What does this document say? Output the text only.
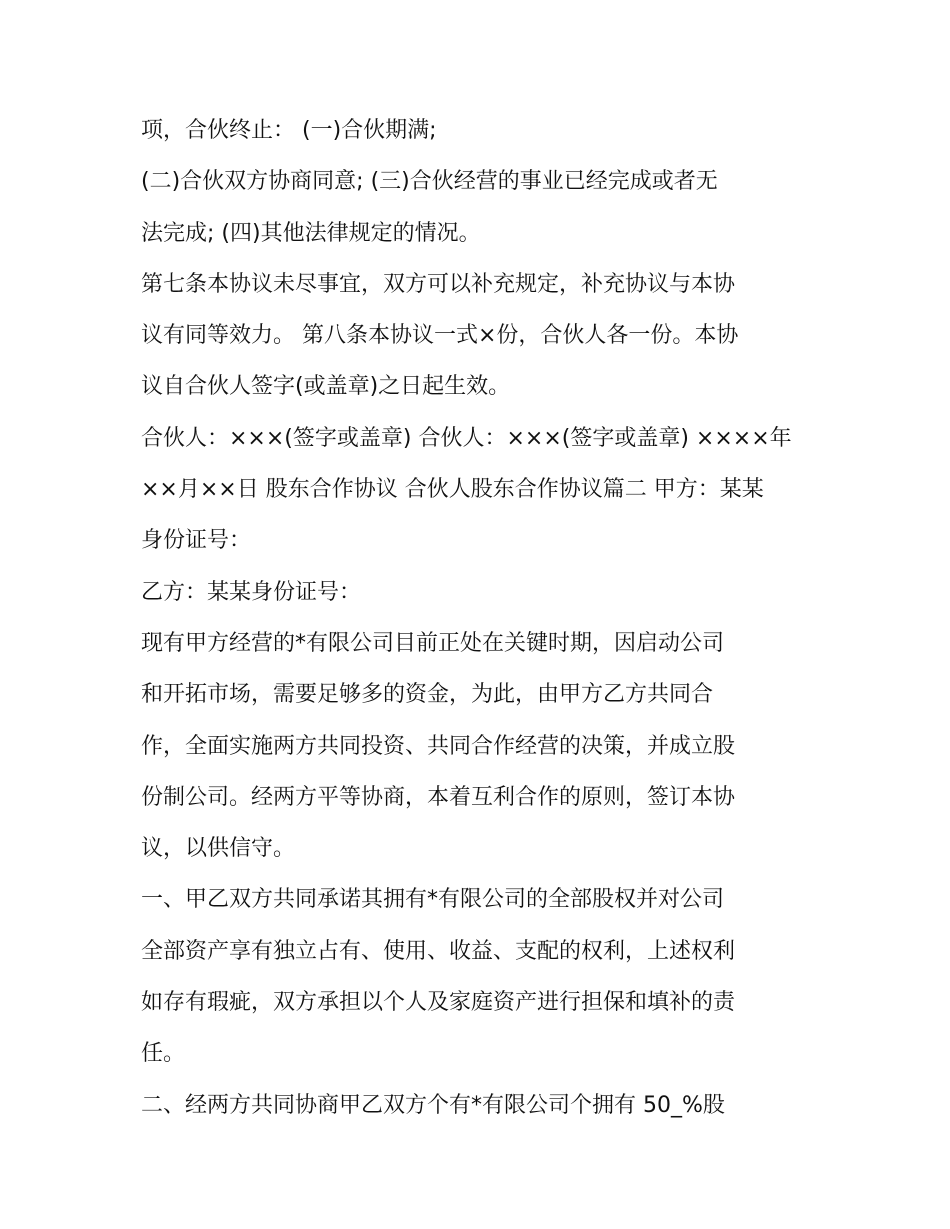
项，合伙终止： (一)合伙期满;
(二)合伙双方协商同意; (三)合伙经营的事业已经完成或者无
法完成; (四)其他法律规定的情况。
第七条本协议未尽事宜，双方可以补充规定，补充协议与本协
议有同等效力。 第八条本协议一式×份，合伙人各一份。本协
议自合伙人签字(或盖章)之日起生效。
合伙人：×××(签字或盖章) 合伙人：×××(签字或盖章) ××××年
××月××日 股东合作协议 合伙人股东合作协议篇二 甲方：某某
身份证号：
乙方：某某身份证号：
现有甲方经营的*有限公司目前正处在关键时期，因启动公司
和开拓市场，需要足够多的资金，为此，由甲方乙方共同合
作，全面实施两方共同投资、共同合作经营的决策，并成立股
份制公司。经两方平等协商，本着互利合作的原则，签订本协
议，以供信守。
一、甲乙双方共同承诺其拥有*有限公司的全部股权并对公司
全部资产享有独立占有、使用、收益、支配的权利，上述权利
如存有瑕疵，双方承担以个人及家庭资产进行担保和填补的责
任。
二、经两方共同协商甲乙双方个有*有限公司个拥有 50_%股
